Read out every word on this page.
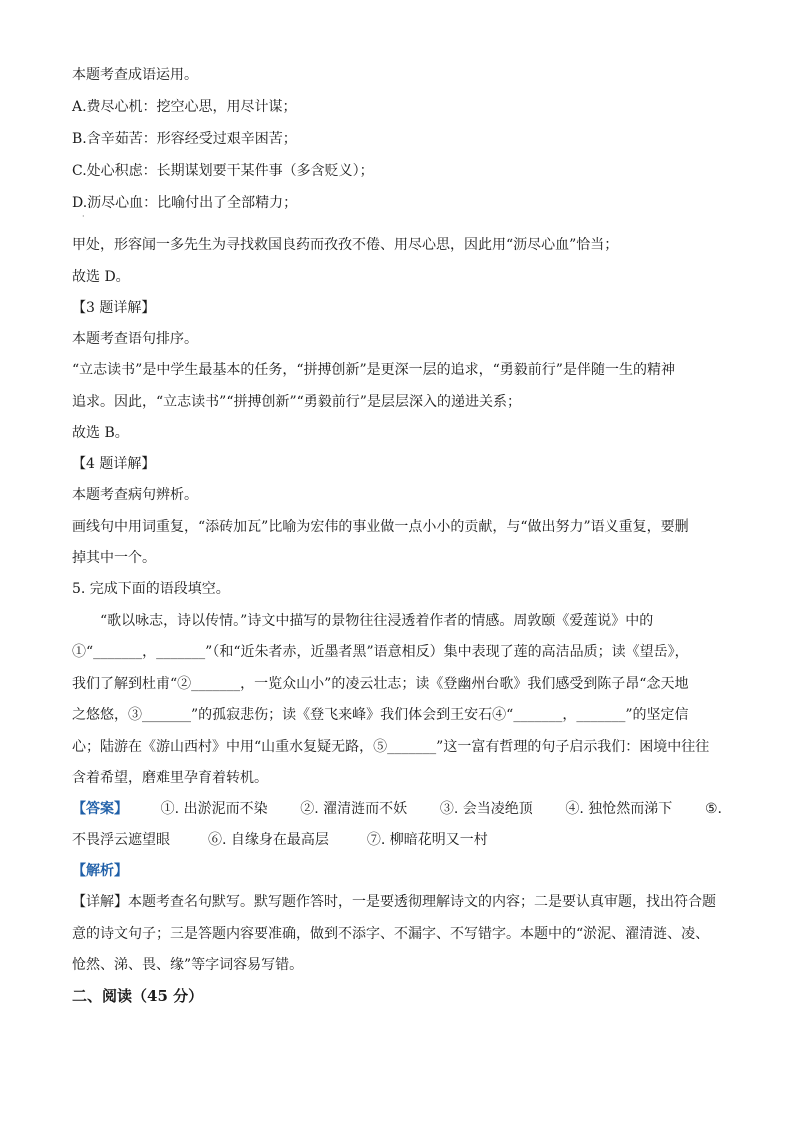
本题考查成语运用。
A.费尽心机：挖空心思，用尽计谋；
B.含辛茹苦：形容经受过艰辛困苦；
C.处心积虑：长期谋划要干某件事（多含贬义）；
D.沥尽心血：比喻付出了全部精力；
·
甲处，形容闻一多先生为寻找救国良药而孜孜不倦、用尽心思，因此用“沥尽心血”恰当；
故选 D。
【3 题详解】
本题考查语句排序。
“立志读书”是中学生最基本的任务，“拼搏创新”是更深一层的追求，“勇毅前行”是伴随一生的精神
追求。因此，“立志读书”“拼搏创新”“勇毅前行”是层层深入的递进关系；
故选 B。
【4 题详解】
本题考查病句辨析。
画线句中用词重复，“添砖加瓦”比喻为宏伟的事业做一点小小的贡献，与“做出努力”语义重复，要删
掉其中一个。
5. 完成下面的语段填空。
“歌以咏志，诗以传情。”诗文中描写的景物往往浸透着作者的情感。周敦颐《爱莲说》中的
①“_______，_______”（和“近朱者赤，近墨者黑”语意相反）集中表现了莲的高洁品质；读《望岳》，
我们了解到杜甫“②_______，一览众山小”的凌云壮志；读《登幽州台歌》我们感受到陈子昂“念天地
之悠悠，③_______”的孤寂悲伤；读《登飞来峰》我们体会到王安石④“_______，_______”的坚定信
心；陆游在《游山西村》中用“山重水复疑无路，⑤_______”这一富有哲理的句子启示我们：困境中往往
含着希望，磨难里孕育着转机。
【答案】 ①. 出淤泥而不染 ②. 濯清涟而不妖 ③. 会当凌绝顶 ④. 独怆然而涕下 ⑤.
不畏浮云遮望眼	⑥. 自缘身在最高层	⑦. 柳暗花明又一村
【解析】
【详解】本题考查名句默写。默写题作答时，一是要透彻理解诗文的内容；二是要认真审题，找出符合题
意的诗文句子；三是答题内容要准确，做到不添字、不漏字、不写错字。本题中的“淤泥、濯清涟、凌、
怆然、涕、畏、缘”等字词容易写错。
二、阅读（45 分）
